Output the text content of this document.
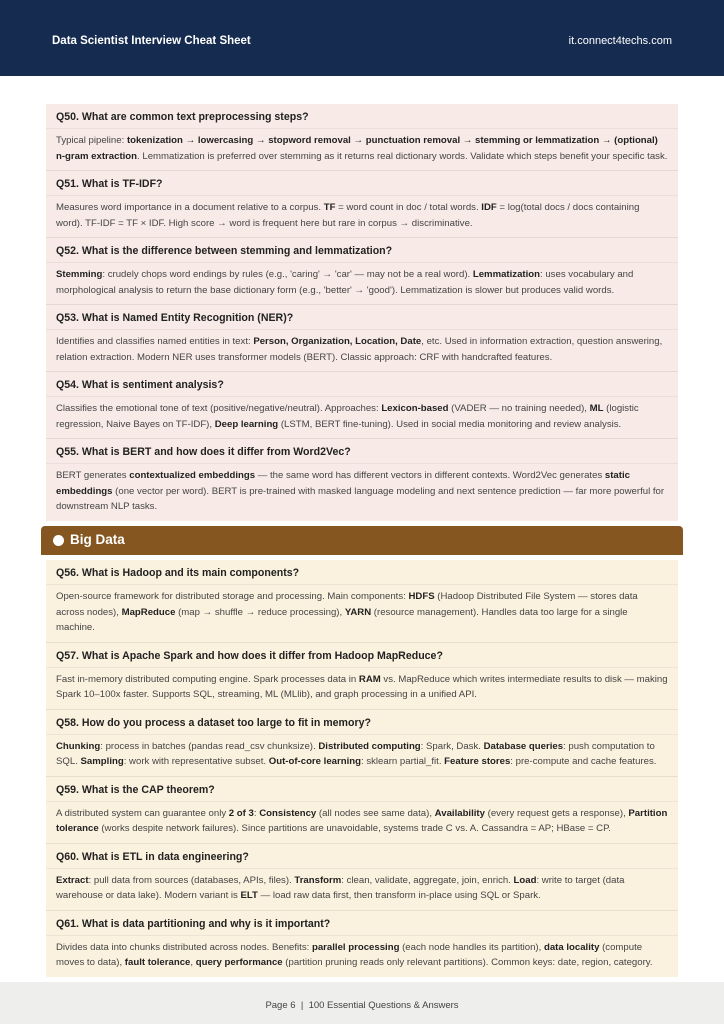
Data Scientist Interview Cheat Sheet	it.connect4techs.com
Q50. What are common text preprocessing steps?
Typical pipeline: tokenization → lowercasing → stopword removal → punctuation removal → stemming or lemmatization → (optional) n-gram extraction. Lemmatization is preferred over stemming as it returns real dictionary words. Validate which steps benefit your specific task.
Q51. What is TF-IDF?
Measures word importance in a document relative to a corpus. TF = word count in doc / total words. IDF = log(total docs / docs containing word). TF-IDF = TF × IDF. High score → word is frequent here but rare in corpus → discriminative.
Q52. What is the difference between stemming and lemmatization?
Stemming: crudely chops word endings by rules (e.g., 'caring' → 'car' — may not be a real word). Lemmatization: uses vocabulary and morphological analysis to return the base dictionary form (e.g., 'better' → 'good'). Lemmatization is slower but produces valid words.
Q53. What is Named Entity Recognition (NER)?
Identifies and classifies named entities in text: Person, Organization, Location, Date, etc. Used in information extraction, question answering, relation extraction. Modern NER uses transformer models (BERT). Classic approach: CRF with handcrafted features.
Q54. What is sentiment analysis?
Classifies the emotional tone of text (positive/negative/neutral). Approaches: Lexicon-based (VADER — no training needed), ML (logistic regression, Naive Bayes on TF-IDF), Deep learning (LSTM, BERT fine-tuning). Used in social media monitoring and review analysis.
Q55. What is BERT and how does it differ from Word2Vec?
BERT generates contextualized embeddings — the same word has different vectors in different contexts. Word2Vec generates static embeddings (one vector per word). BERT is pre-trained with masked language modeling and next sentence prediction — far more powerful for downstream NLP tasks.
Big Data
Q56. What is Hadoop and its main components?
Open-source framework for distributed storage and processing. Main components: HDFS (Hadoop Distributed File System — stores data across nodes), MapReduce (map → shuffle → reduce processing), YARN (resource management). Handles data too large for a single machine.
Q57. What is Apache Spark and how does it differ from Hadoop MapReduce?
Fast in-memory distributed computing engine. Spark processes data in RAM vs. MapReduce which writes intermediate results to disk — making Spark 10–100x faster. Supports SQL, streaming, ML (MLlib), and graph processing in a unified API.
Q58. How do you process a dataset too large to fit in memory?
Chunking: process in batches (pandas read_csv chunksize). Distributed computing: Spark, Dask. Database queries: push computation to SQL. Sampling: work with representative subset. Out-of-core learning: sklearn partial_fit. Feature stores: pre-compute and cache features.
Q59. What is the CAP theorem?
A distributed system can guarantee only 2 of 3: Consistency (all nodes see same data), Availability (every request gets a response), Partition tolerance (works despite network failures). Since partitions are unavoidable, systems trade C vs. A. Cassandra = AP; HBase = CP.
Q60. What is ETL in data engineering?
Extract: pull data from sources (databases, APIs, files). Transform: clean, validate, aggregate, join, enrich. Load: write to target (data warehouse or data lake). Modern variant is ELT — load raw data first, then transform in-place using SQL or Spark.
Q61. What is data partitioning and why is it important?
Divides data into chunks distributed across nodes. Benefits: parallel processing (each node handles its partition), data locality (compute moves to data), fault tolerance, query performance (partition pruning reads only relevant partitions). Common keys: date, region, category.
Page 6  |  100 Essential Questions & Answers
